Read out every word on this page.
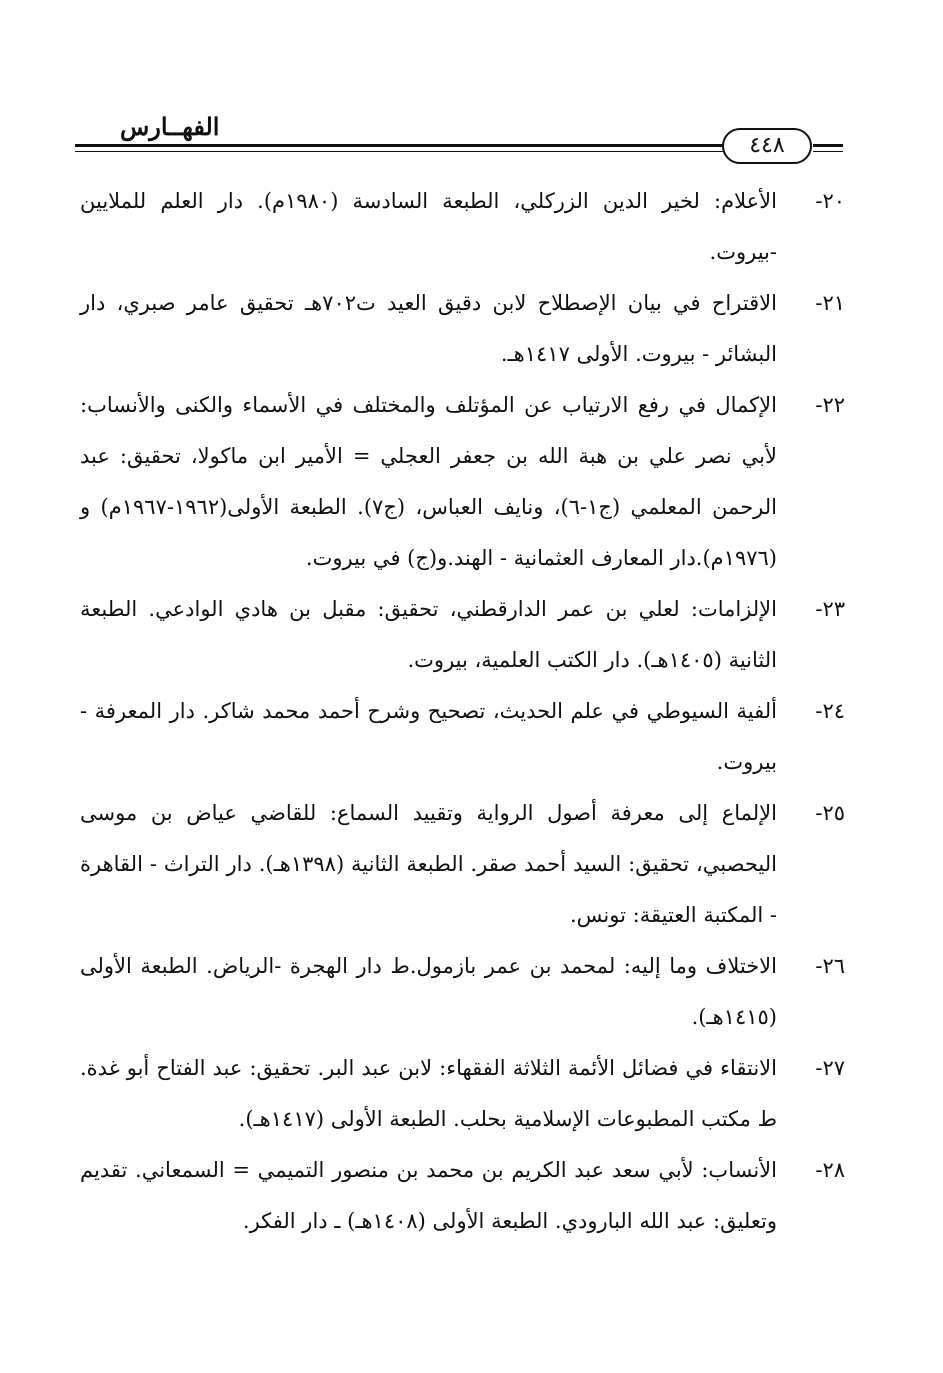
الفهــارس
٤٤٨
٢٠-
الأعلام: لخير الدين الزركلي، الطبعة السادسة (١٩٨٠م). دار العلم للملايين -بيروت.
٢١-
الاقتراح في بيان الإصطلاح لابن دقيق العيد ت٧٠٢هـ تحقيق عامر صبري، دار البشائر - بيروت. الأولى ١٤١٧هـ.
٢٢-
الإكمال في رفع الارتياب عن المؤتلف والمختلف في الأسماء والكنى والأنساب: لأبي نصر علي بن هبة الله بن جعفر العجلي = الأمير ابن ماكولا، تحقيق: عبد الرحمن المعلمي (ج١-٦)، ونايف العباس، (ج٧). الطبعة الأولى(١٩٦٢-١٩٦٧م) و (١٩٧٦م).دار المعارف العثمانية - الهند.و(ج) في بيروت.
٢٣-
الإلزامات: لعلي بن عمر الدارقطني، تحقيق: مقبل بن هادي الوادعي. الطبعة الثانية (١٤٠٥هـ). دار الكتب العلمية، بيروت.
٢٤-
ألفية السيوطي في علم الحديث، تصحيح وشرح أحمد محمد شاكر. دار المعرفة - بيروت.
٢٥-
الإلماع إلى معرفة أصول الرواية وتقييد السماع: للقاضي عياض بن موسى اليحصبي، تحقيق: السيد أحمد صقر. الطبعة الثانية (١٣٩٨هـ). دار التراث - القاهرة - المكتبة العتيقة: تونس.
٢٦-
الاختلاف وما إليه: لمحمد بن عمر بازمول.ط دار الهجرة -الرياض. الطبعة الأولى (١٤١٥هـ).
٢٧-
الانتقاء في فضائل الأئمة الثلاثة الفقهاء: لابن عبد البر. تحقيق: عبد الفتاح أبو غدة. ط مكتب المطبوعات الإسلامية بحلب. الطبعة الأولى (١٤١٧هـ).
٢٨-
الأنساب: لأبي سعد عبد الكريم بن محمد بن منصور التميمي = السمعاني. تقديم وتعليق: عبد الله البارودي. الطبعة الأولى (١٤٠٨هـ) ـ دار الفكر.
